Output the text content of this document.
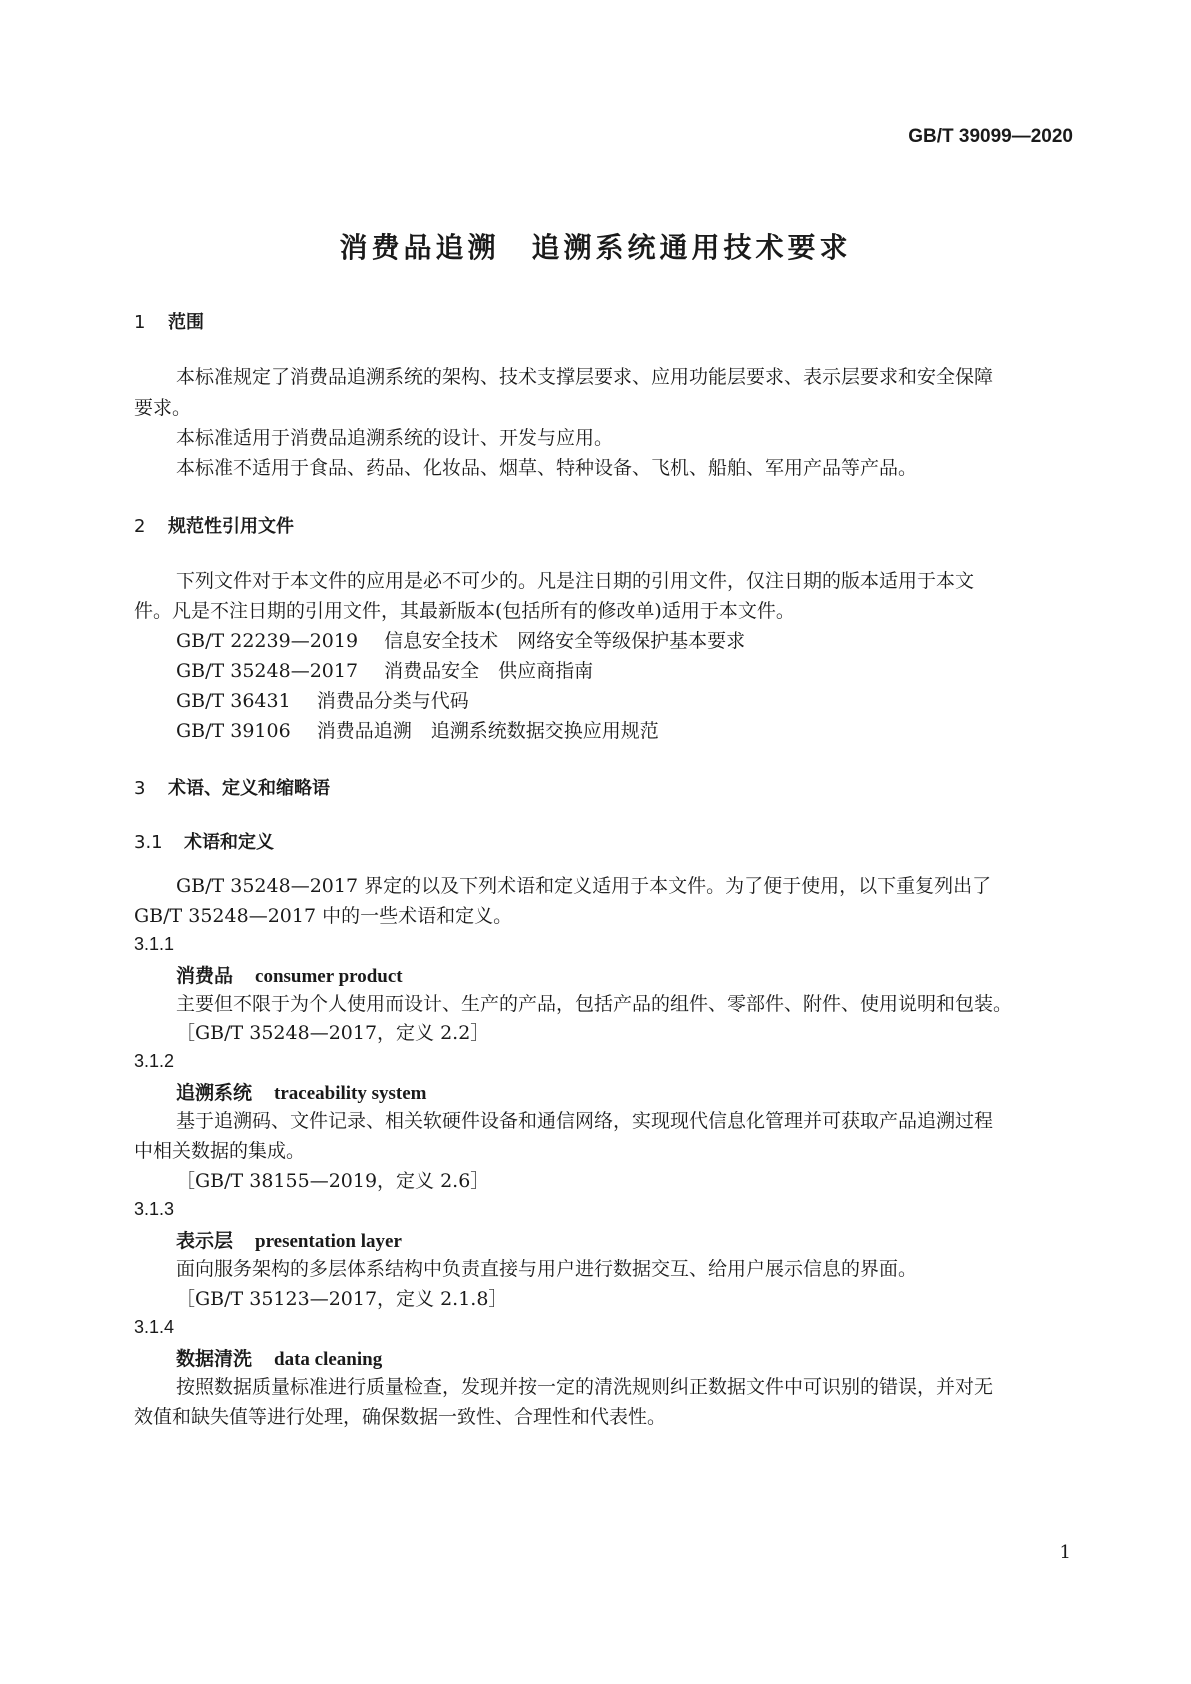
GB/T 39099—2020
消费品追溯　追溯系统通用技术要求
1 范围
本标准规定了消费品追溯系统的架构、技术支撑层要求、应用功能层要求、表示层要求和安全保障
要求。
本标准适用于消费品追溯系统的设计、开发与应用。
本标准不适用于食品、药品、化妆品、烟草、特种设备、飞机、船舶、军用产品等产品。
2 规范性引用文件
下列文件对于本文件的应用是必不可少的。凡是注日期的引用文件，仅注日期的版本适用于本文
件。凡是不注日期的引用文件，其最新版本(包括所有的修改单)适用于本文件。
GB/T 22239—2019 信息安全技术　网络安全等级保护基本要求
GB/T 35248—2017 消费品安全　供应商指南
GB/T 36431 消费品分类与代码
GB/T 39106 消费品追溯　追溯系统数据交换应用规范
3 术语、定义和缩略语
3.1 术语和定义
GB/T 35248—2017 界定的以及下列术语和定义适用于本文件。为了便于使用，以下重复列出了
GB/T 35248—2017 中的一些术语和定义。
3.1.1
消费品 consumer product
主要但不限于为个人使用而设计、生产的产品，包括产品的组件、零部件、附件、使用说明和包装。
［GB/T 35248—2017，定义 2.2］
3.1.2
追溯系统 traceability system
基于追溯码、文件记录、相关软硬件设备和通信网络，实现现代信息化管理并可获取产品追溯过程
中相关数据的集成。
［GB/T 38155—2019，定义 2.6］
3.1.3
表示层 presentation layer
面向服务架构的多层体系结构中负责直接与用户进行数据交互、给用户展示信息的界面。
［GB/T 35123—2017，定义 2.1.8］
3.1.4
数据清洗 data cleaning
按照数据质量标准进行质量检查，发现并按一定的清洗规则纠正数据文件中可识别的错误，并对无
效值和缺失值等进行处理，确保数据一致性、合理性和代表性。
1
